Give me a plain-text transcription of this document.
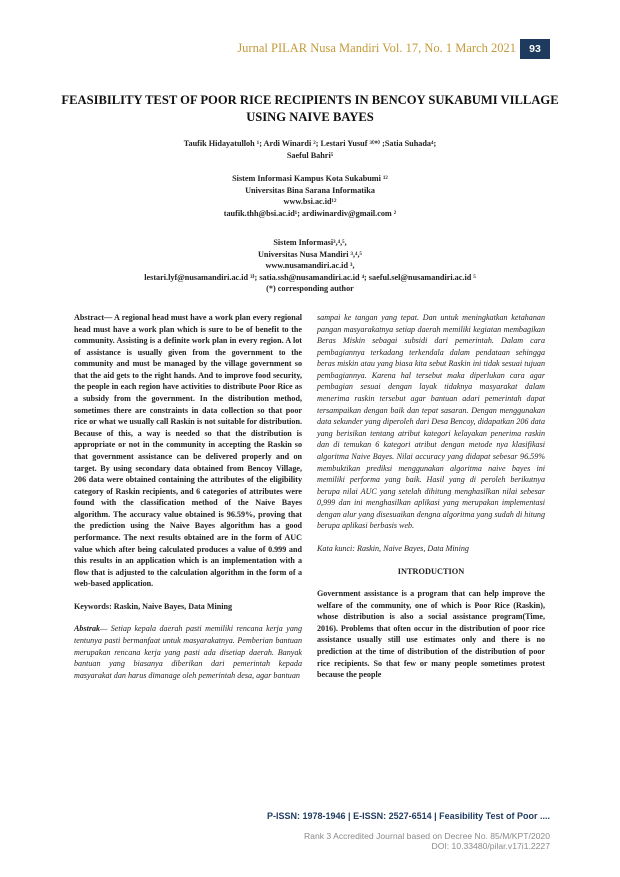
Jurnal PILAR Nusa Mandiri Vol. 17, No. 1 March 2021	93
FEASIBILITY TEST OF POOR RICE RECIPIENTS IN BENCOY SUKABUMI VILLAGE USING NAIVE BAYES
Taufik Hidayatulloh ¹; Ardi Winardi ²; Lestari Yusuf ³⁽*⁾ ;Satia Suhada⁴;
Saeful Bahri⁵
Sistem Informasi Kampus Kota Sukabumi ¹²
Universitas Bina Sarana Informatika
www.bsi.ac.id¹²
taufik.thh@bsi.ac.id¹; ardiwinardiv@gmail.com ²
Sistem Informasi³,⁴,⁵,
Universitas Nusa Mandiri ³,⁴,⁵
www.nusamandiri.ac.id ³,
lestari.lyf@nusamandiri.ac.id ³⁾; satia.ssh@nusamandiri.ac.id ⁴; saeful.sel@nusamandiri.ac.id ⁵
(*) corresponding author

Abstract— A regional head must have a work plan every regional head must have a work plan which is sure to be of benefit to the community. Assisting is a definite work plan in every region. A lot of assistance is usually given from the government to the community and must be managed by the village government so that the aid gets to the right hands. And to improve food security, the people in each region have activities to distribute Poor Rice as a subsidy from the government. In the distribution method, sometimes there are constraints in data collection so that poor rice or what we usually call Raskin is not suitable for distribution. Because of this, a way is needed so that the distribution is appropriate or not in the community in accepting the Raskin so that government assistance can be delivered properly and on target. By using secondary data obtained from Bencoy Village, 206 data were obtained containing the attributes of the eligibility category of Raskin recipients, and 6 categories of attributes were found with the classification method of the Naive Bayes algorithm. The accuracy value obtained is 96.59%, proving that the prediction using the Naive Bayes algorithm has a good performance. The next results obtained are in the form of AUC value which after being calculated produces a value of 0.999 and this results in an application which is an implementation with a flow that is adjusted to the calculation algorithm in the form of a web-based application.

Keywords: Raskin, Naive Bayes, Data Mining

Abstrak— Setiap kepala daerah pasti memiliki rencana kerja yang tentunya pasti bermanfaat untuk masyarakatnya. Pemberian bantuan merupakan rencana kerja yang pasti ada disetiap daerah. Banyak bantuan yang biasanya diberikan dari pemerintah kepada masyarakat dan harus dimanage oleh pemerintah desa, agar bantuan

sampai ke tangan yang tepat. Dan untuk meningkatkan ketahanan pangan masyarakatnya setiap daerah memiliki kegiatan membagikan Beras Miskin sebagai subsidi dari pemerintah. Dalam cara pembagiannya terkadang terkendala dalam pendataan sehingga beras miskin atau yang biasa kita sebut Raskin ini tidak sesuai tujuan pembagiannya. Karena hal tersebut maka diperlukan cara agar pembagian sesuai dengan layak tidaknya masyarakat dalam menerima raskin tersebut agar bantuan adari pemerintah dapat tersampaikan dengan baik dan tepat sasaran. Dengan menggunakan data sekunder yang diperoleh dari Desa Bencoy, didapatkan 206 data yang berisikan tentang atribut kategori kelayakan penerima raskin dan di temukan 6 kategori atribut dengan metode nya klasifikasi algoritma Naive Bayes. Nilai accuracy yang didapat sebesar 96.59% membuktikan prediksi menggunakan algoritma naive bayes ini memiliki performa yang baik. Hasil yang di peroleh berikutnya berupa nilai AUC yang setelah dihitung menghasilkan nilai sebesar 0,999 dan ini menghasilkan aplikasi yang merupakan implementasi dengan alur yang disesuaikan dengna algoritma yang sudah di hitung berupa aplikasi berbasis web.

Kata kunci: Raskin, Naive Bayes, Data Mining

INTRODUCTION

Government assistance is a program that can help improve the welfare of the community, one of which is Poor Rice (Raskin), whose distribution is also a social assistance program(Time, 2016). Problems that often occur in the distribution of poor rice assistance usually still use estimates only and there is no prediction at the time of distribution of the distribution of poor rice recipients. So that few or many people sometimes protest because the people

P-ISSN: 1978-1946 | E-ISSN: 2527-6514 | Feasibility Test of Poor ....
Rank 3 Accredited Journal based on Decree No. 85/M/KPT/2020
DOI: 10.33480/pilar.v17i1.2227
